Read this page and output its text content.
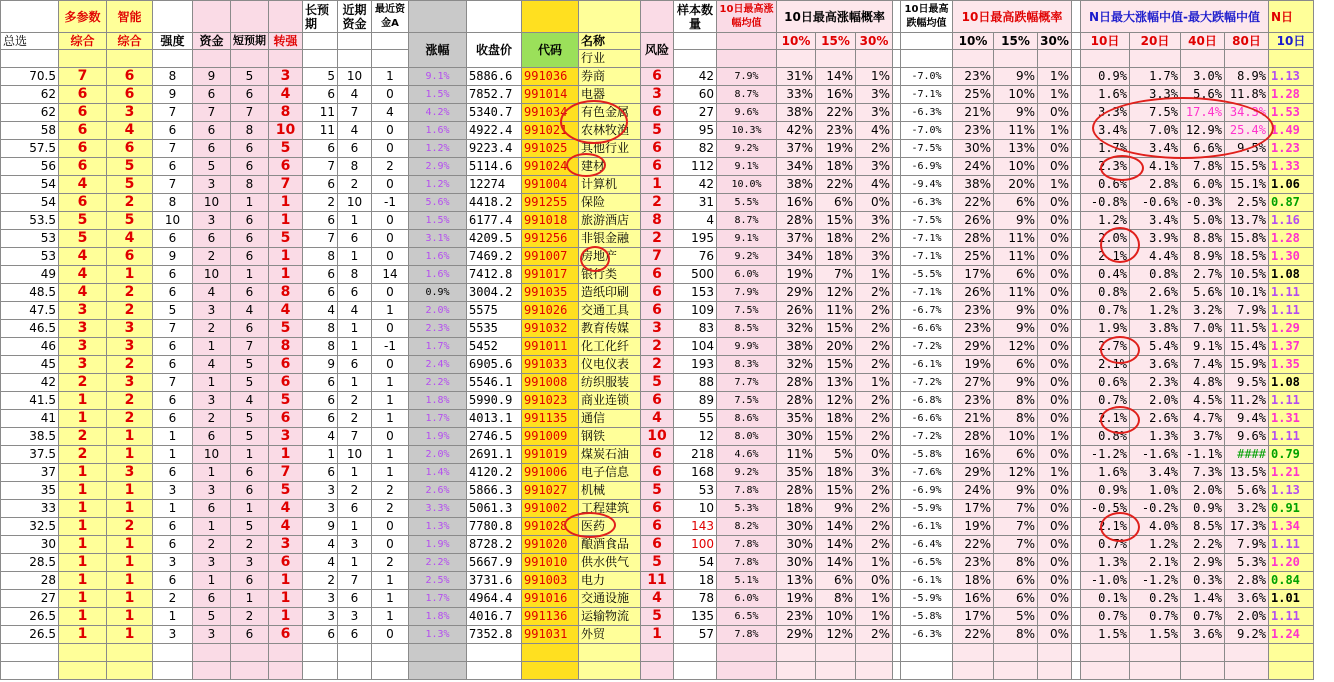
	多参数	智能					长预期	近期资金	最近资金A						样本数量	10日最高涨幅均值	10日最高涨幅概率				10日最高跌幅均值	10日最高跌幅概率				N日最大涨幅中值-最大跌幅中值				N日
总选	综合	综合	强度	资金	短预期	转强				涨幅	收盘价	代码	名称	风险			10%	15%	30%			10%	15%	30%		10日	20日	40日	80日	10日
													行业																	
70.5	7	6	8	9	5	3	5	10	1	9.1%	5886.6	991036	券商	6	42	7.9%	31%	14%	1%		-7.0%	23%	9%	1%		0.9%	1.7%	3.0%	8.9%	1.13
62	6	6	9	6	6	4	6	4	0	1.5%	7852.7	991014	电器	3	60	8.7%	33%	16%	3%		-7.1%	25%	10%	1%		1.6%	3.3%	5.6%	11.8%	1.28
62	6	3	7	7	7	8	11	7	4	4.2%	5340.7	991034	有色金属	6	27	9.6%	38%	22%	3%		-6.3%	21%	9%	0%		3.3%	7.5%	17.4%	34.3%	1.53
58	6	4	6	6	8	10	11	4	0	1.6%	4922.4	991021	农林牧渔	5	95	10.3%	42%	23%	4%		-7.0%	23%	11%	1%		3.4%	7.0%	12.9%	25.4%	1.49
57.5	6	6	7	6	6	5	6	6	0	1.2%	9223.4	991025	其他行业	6	82	9.2%	37%	19%	2%		-7.5%	30%	13%	0%		1.7%	3.4%	6.6%	9.5%	1.23
56	6	5	6	5	6	6	7	8	2	2.9%	5114.6	991024	建材	6	112	9.1%	34%	18%	3%		-6.9%	24%	10%	0%		2.3%	4.1%	7.8%	15.5%	1.33
54	4	5	7	3	8	7	6	2	0	1.2%	12274	991004	计算机	1	42	10.0%	38%	22%	4%		-9.4%	38%	20%	1%		0.6%	2.8%	6.0%	15.1%	1.06
54	6	2	8	10	1	1	2	10	-1	5.6%	4418.2	991255	保险	2	31	5.5%	16%	6%	0%		-6.3%	22%	6%	0%		-0.8%	-0.6%	-0.3%	2.5%	0.87
53.5	5	5	10	3	6	1	6	1	0	1.5%	6177.4	991018	旅游酒店	8	4	8.7%	28%	15%	3%		-7.5%	26%	9%	0%		1.2%	3.4%	5.0%	13.7%	1.16
53	5	4	6	6	6	5	7	6	0	3.1%	4209.5	991256	非银金融	2	195	9.1%	37%	18%	2%		-7.1%	28%	11%	0%		2.0%	3.9%	8.8%	15.8%	1.28
53	4	6	9	2	6	1	8	1	0	1.6%	7469.2	991007	房地产	7	76	9.2%	34%	18%	3%		-7.1%	25%	11%	0%		2.1%	4.4%	8.9%	18.5%	1.30
49	4	1	6	10	1	1	6	8	14	1.6%	7412.8	991017	银行类	6	500	6.0%	19%	7%	1%		-5.5%	17%	6%	0%		0.4%	0.8%	2.7%	10.5%	1.08
48.5	4	2	6	4	6	8	6	6	0	0.9%	3004.2	991035	造纸印刷	6	153	7.9%	29%	12%	2%		-7.1%	26%	11%	0%		0.8%	2.6%	5.6%	10.1%	1.11
47.5	3	2	5	3	4	4	4	4	1	2.0%	5575	991026	交通工具	6	109	7.5%	26%	11%	2%		-6.7%	23%	9%	0%		0.7%	1.2%	3.2%	7.9%	1.11
46.5	3	3	7	2	6	5	8	1	0	2.3%	5535	991032	教育传媒	3	83	8.5%	32%	15%	2%		-6.6%	23%	9%	0%		1.9%	3.8%	7.0%	11.5%	1.29
46	3	3	6	1	7	8	8	1	-1	1.7%	5452	991011	化工化纤	2	104	9.9%	38%	20%	2%		-7.2%	29%	12%	0%		2.7%	5.4%	9.1%	15.4%	1.37
45	3	2	6	4	5	6	9	6	0	2.4%	6905.6	991033	仪电仪表	2	193	8.3%	32%	15%	2%		-6.1%	19%	6%	0%		2.1%	3.6%	7.4%	15.9%	1.35
42	2	3	7	1	5	6	6	1	1	2.2%	5546.1	991008	纺织服装	5	88	7.7%	28%	13%	1%		-7.2%	27%	9%	0%		0.6%	2.3%	4.8%	9.5%	1.08
41.5	1	2	6	3	4	5	6	2	1	1.8%	5990.9	991023	商业连锁	6	89	7.5%	28%	12%	2%		-6.8%	23%	8%	0%		0.7%	2.0%	4.5%	11.2%	1.11
41	1	2	6	2	5	6	6	2	1	1.7%	4013.1	991135	通信	4	55	8.6%	35%	18%	2%		-6.6%	21%	8%	0%		2.1%	2.6%	4.7%	9.4%	1.31
38.5	2	1	1	6	5	3	4	7	0	1.9%	2746.5	991009	钢铁	10	12	8.0%	30%	15%	2%		-7.2%	28%	10%	1%		0.8%	1.3%	3.7%	9.6%	1.11
37.5	2	1	1	10	1	1	1	10	1	2.0%	2691.1	991019	煤炭石油	6	218	4.6%	11%	5%	0%		-5.8%	16%	6%	0%		-1.2%	-1.6%	-1.1%	####	0.79
37	1	3	6	1	6	7	6	1	1	1.4%	4120.2	991006	电子信息	6	168	9.2%	35%	18%	3%		-7.6%	29%	12%	1%		1.6%	3.4%	7.3%	13.5%	1.21
35	1	1	3	3	6	5	3	2	2	2.6%	5866.3	991027	机械	5	53	7.8%	28%	15%	2%		-6.9%	24%	9%	0%		0.9%	1.0%	2.0%	5.6%	1.13
33	1	1	1	6	1	4	3	6	2	3.3%	5061.3	991002	工程建筑	6	10	5.3%	18%	9%	2%		-5.9%	17%	7%	0%		-0.5%	-0.2%	0.9%	3.2%	0.91
32.5	1	2	6	1	5	4	9	1	0	1.3%	7780.8	991028	医药	6	143	8.2%	30%	14%	2%		-6.1%	19%	7%	0%		2.1%	4.0%	8.5%	17.3%	1.34
30	1	1	6	2	2	3	4	3	0	1.9%	8728.2	991020	酿酒食品	6	100	7.8%	30%	14%	2%		-6.4%	22%	7%	0%		0.7%	1.2%	2.2%	7.9%	1.11
28.5	1	1	3	3	3	6	4	1	2	2.2%	5667.9	991010	供水供气	5	54	7.8%	30%	14%	1%		-6.5%	23%	8%	0%		1.3%	2.1%	2.9%	5.3%	1.20
28	1	1	6	1	6	1	2	7	1	2.5%	3731.6	991003	电力	11	18	5.1%	13%	6%	0%		-6.1%	18%	6%	0%		-1.0%	-1.2%	0.3%	2.8%	0.84
27	1	1	2	6	1	1	3	6	1	1.7%	4964.4	991016	交通设施	4	78	6.0%	19%	8%	1%		-5.9%	16%	6%	0%		0.1%	0.2%	1.4%	3.6%	1.01
26.5	1	1	1	5	2	1	3	3	1	1.8%	4016.7	991136	运输物流	5	135	6.5%	23%	10%	1%		-5.8%	17%	5%	0%		0.7%	0.7%	0.7%	2.0%	1.11
26.5	1	1	3	3	6	6	6	6	0	1.3%	7352.8	991031	外贸	1	57	7.8%	29%	12%	2%		-6.3%	22%	8%	0%		1.5%	1.5%	3.6%	9.2%	1.24
